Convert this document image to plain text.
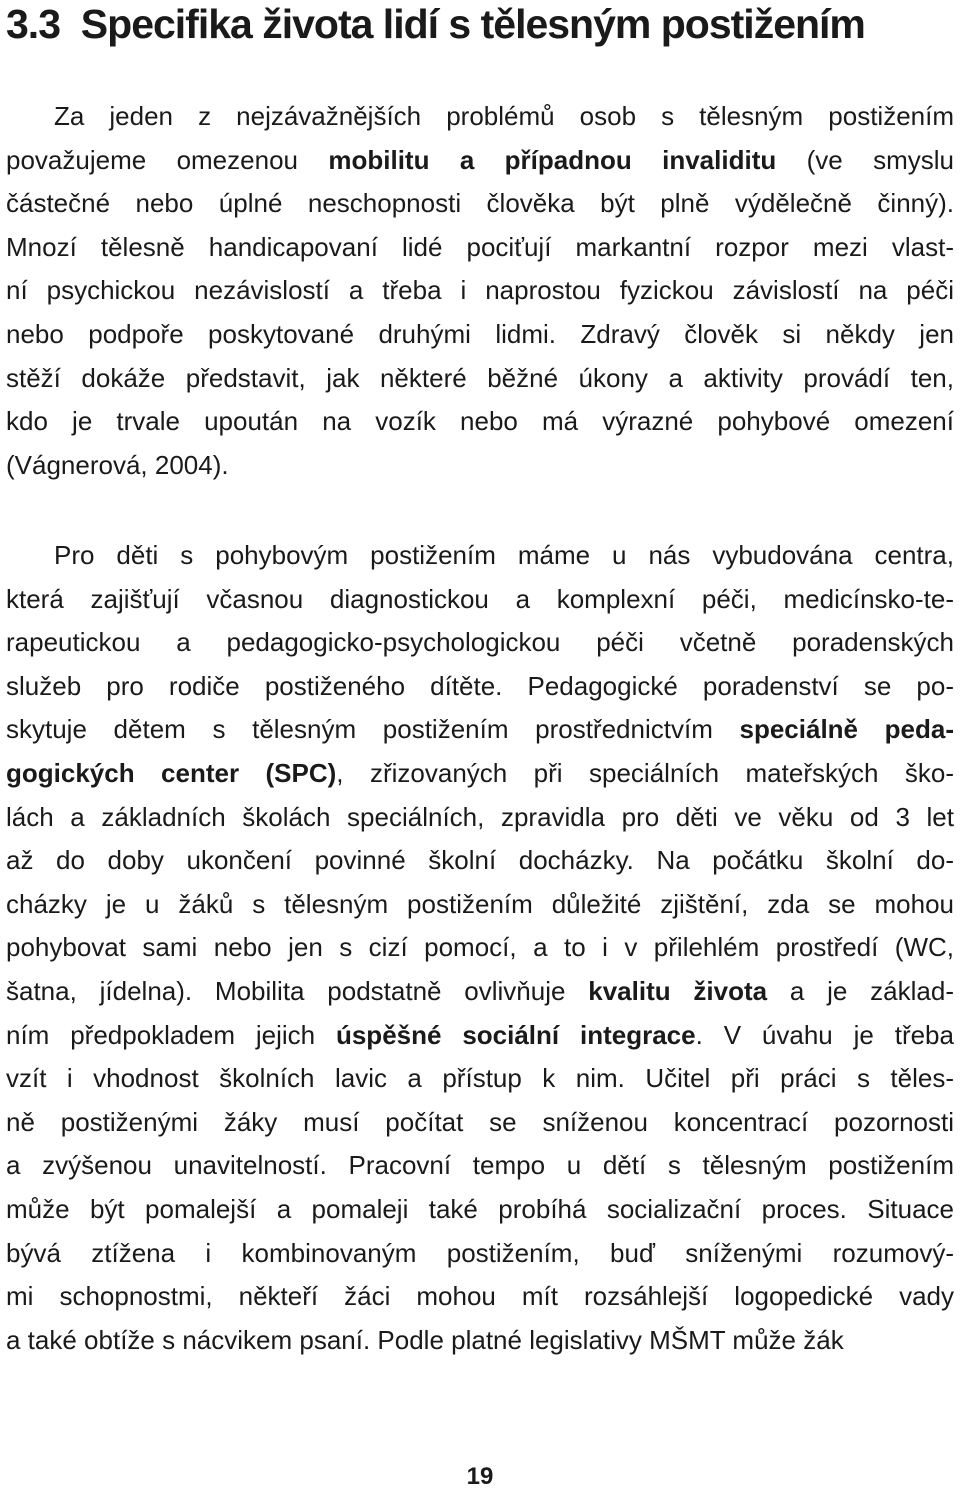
3.3 Specifika života lidí s tělesným postižením
Za jeden z nejzávažnějších problémů osob s tělesným postižením
považujeme omezenou mobilitu a případnou invaliditu (ve smyslu
částečné nebo úplné neschopnosti člověka být plně výdělečně činný).
Mnozí tělesně handicapovaní lidé pociťují markantní rozpor mezi vlast-
ní psychickou nezávislostí a třeba i naprostou fyzickou závislostí na péči
nebo podpoře poskytované druhými lidmi. Zdravý člověk si někdy jen
stěží dokáže představit, jak některé běžné úkony a aktivity provádí ten,
kdo je trvale upoután na vozík nebo má výrazné pohybové omezení
(Vágnerová, 2004).
Pro děti s pohybovým postižením máme u nás vybudována centra,
která zajišťují včasnou diagnostickou a komplexní péči, medicínsko-te-
rapeutickou a pedagogicko-psychologickou péči včetně poradenských
služeb pro rodiče postiženého dítěte. Pedagogické poradenství se po-
skytuje dětem s tělesným postižením prostřednictvím speciálně peda-
gogických center (SPC), zřizovaných při speciálních mateřských ško-
lách a základních školách speciálních, zpravidla pro děti ve věku od 3 let
až do doby ukončení povinné školní docházky. Na počátku školní do-
cházky je u žáků s tělesným postižením důležité zjištění, zda se mohou
pohybovat sami nebo jen s cizí pomocí, a to i v přilehlém prostředí (WC,
šatna, jídelna). Mobilita podstatně ovlivňuje kvalitu života a je základ-
ním předpokladem jejich úspěšné sociální integrace. V úvahu je třeba
vzít i vhodnost školních lavic a přístup k nim. Učitel při práci s těles-
ně postiženými žáky musí počítat se sníženou koncentrací pozornosti
a zvýšenou unavitelností. Pracovní tempo u dětí s tělesným postižením
může být pomalejší a pomaleji také probíhá socializační proces. Situace
bývá ztížena i kombinovaným postižením, buď sníženými rozumový-
mi schopnostmi, někteří žáci mohou mít rozsáhlejší logopedické vady
a také obtíže s nácvikem psaní. Podle platné legislativy MŠMT může žák
19
